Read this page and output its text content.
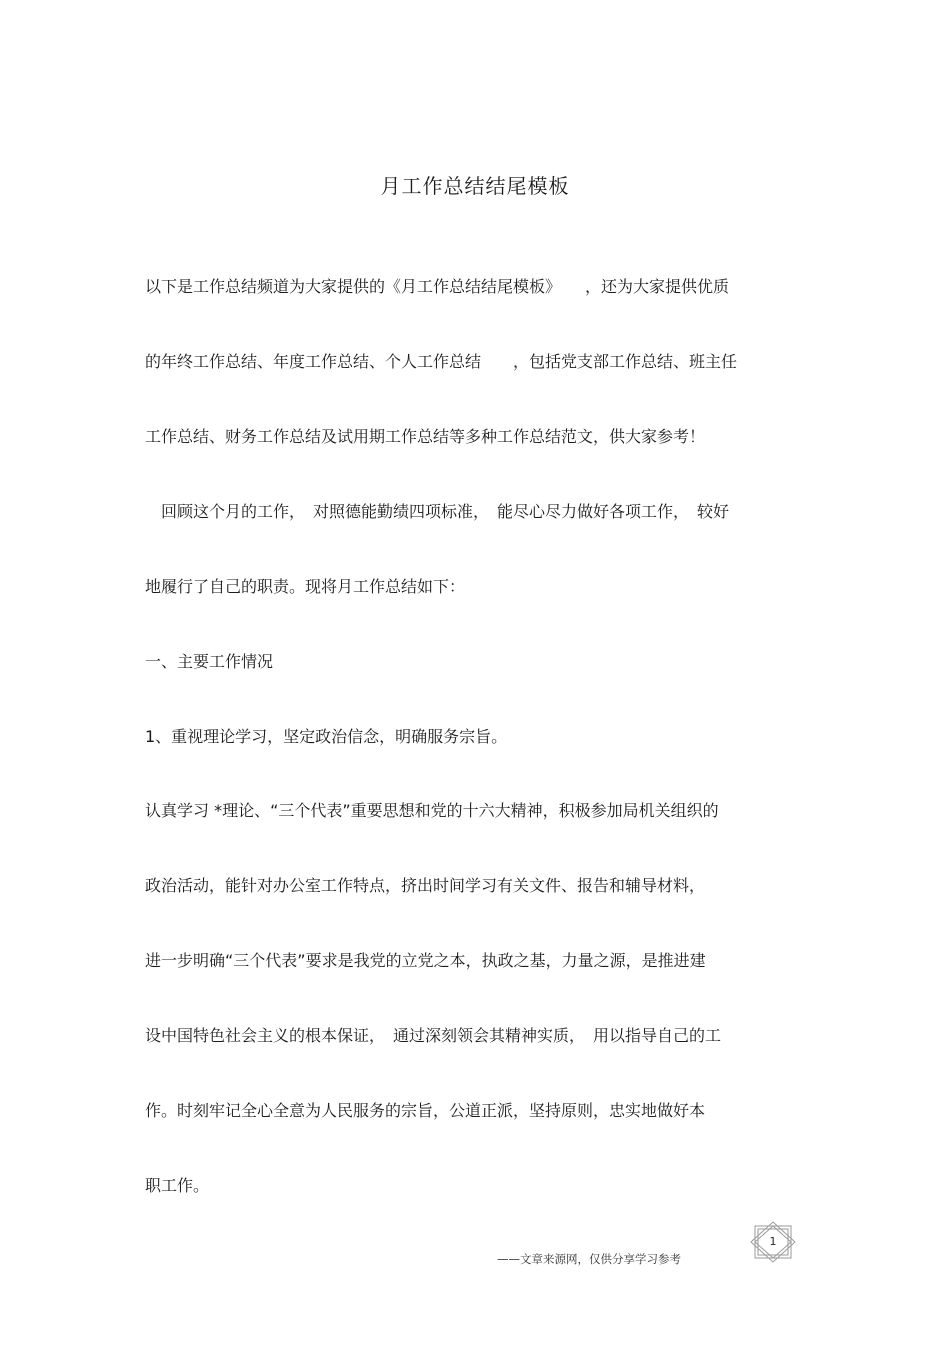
月工作总结结尾模板
以下是工作总结频道为大家提供的《月工作总结结尾模板》　　，还为大家提供优质
的年终工作总结、年度工作总结、个人工作总结　　，包括党支部工作总结、班主任
工作总结、财务工作总结及试用期工作总结等多种工作总结范文，供大家参考！
　回顾这个月的工作，　对照德能勤绩四项标准，　能尽心尽力做好各项工作，　较好
地履行了自己的职责。现将月工作总结如下：
一、主要工作情况
1、重视理论学习，坚定政治信念，明确服务宗旨。
认真学习 *理论、“三个代表”重要思想和党的十六大精神，积极参加局机关组织的
政治活动，能针对办公室工作特点，挤出时间学习有关文件、报告和辅导材料，
进一步明确“三个代表”要求是我党的立党之本，执政之基，力量之源，是推进建
设中国特色社会主义的根本保证，　通过深刻领会其精神实质，　用以指导自己的工
作。时刻牢记全心全意为人民服务的宗旨，公道正派，坚持原则，忠实地做好本
职工作。
——文章来源网，仅供分享学习参考
1
